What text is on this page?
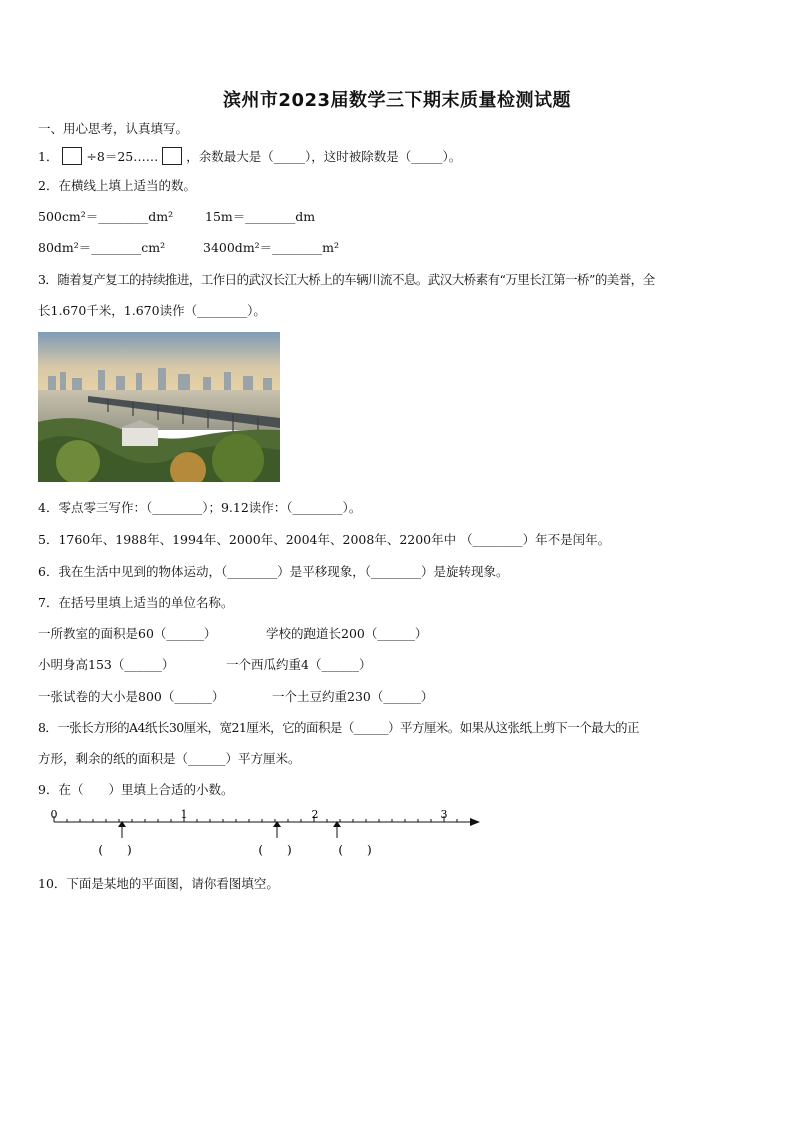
滨州市2023届数学三下期末质量检测试题
一、用心思考，认真填写。
1． ÷8＝25…… ，余数最大是（_____），这时被除数是（_____）。
2．在横线上填上适当的数。
500cm²＝________dm²	15m＝________dm
80dm²＝________cm²	3400dm²＝________m²
3．随着复产复工的持续推进，工作日的武汉长江大桥上的车辆川流不息。武汉大桥素有“万里长江第一桥”的美誉，全
长1.670千米，1.670读作（________）。
4．零点零三写作：（________）；9.12读作：（________）。
5．1760年、1988年、1994年、2000年、2004年、2008年、2200年中 （________）年不是闰年。
6．我在生活中见到的物体运动，（________）是平移现象，（________）是旋转现象。
7．在括号里填上适当的单位名称。
一所教室的面积是60（______）	学校的跑道长200（______）
小明身高153（______）	一个西瓜约重4（______）
一张试卷的大小是800（______）	一个土豆约重230（______）
8．一张长方形的A4纸长30厘米，宽21厘米，它的面积是（______）平方厘米。如果从这张纸上剪下一个最大的正
方形，剩余的纸的面积是（______）平方厘米。
9．在（　　）里填上合适的小数。
0	1	2	3
(　　)	(　　)	(　　)
10．下面是某地的平面图，请你看图填空。
